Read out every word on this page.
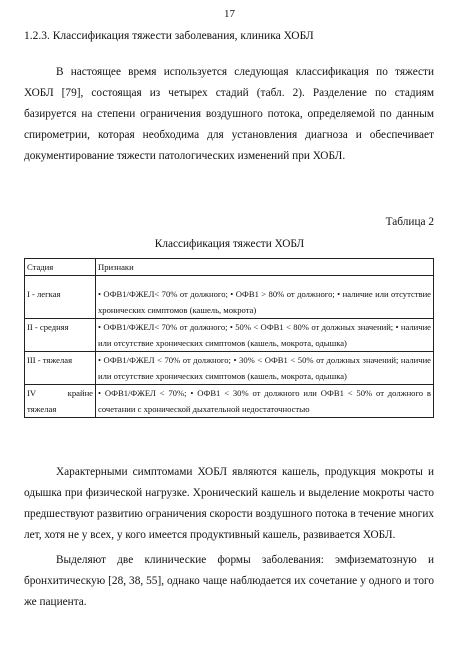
17
1.2.3. Классификация тяжести заболевания, клиника ХОБЛ

В настоящее время используется следующая классификация по тяжести ХОБЛ [79], состоящая из четырех стадий (табл. 2). Разделение по стадиям базируется на степени ограничения воздушного потока, определяемой по данным спирометрии, которая необходима для установления диагноза и обеспечивает документирование тяжести патологических изменений при ХОБЛ.

Таблица 2
Классификация тяжести ХОБЛ
Стадия	Признаки
I - легкая	• ОФВ1/ФЖЕЛ< 70% от должного; • ОФВ1 > 80% от должного; • наличие или отсутствие хронических симптомов (кашель, мокрота)
II - средняя	• ОФВ1/ФЖЕЛ< 70% от должного; • 50% < ОФВ1 < 80% от должных значений; • наличие или отсутствие хронических симптомов (кашель, мокрота, одышка)
III - тяжелая	• ОФВ1/ФЖЕЛ < 70% от должного; • 30% < ОФВ1 < 50% от должных значений; наличие или отсутствие хронических симптомов (кашель, мокрота, одышка)
IV крайне тяжелая	• ОФВ1/ФЖЕЛ < 70%; • ОФВ1 < 30% от должного или ОФВ1 < 50% от должного в сочетании с хронической дыхательной недостаточностью

Характерными симптомами ХОБЛ являются кашель, продукция мокроты и одышка при физической нагрузке. Хронический кашель и выделение мокроты часто предшествуют развитию ограничения скорости воздушного потока в течение многих лет, хотя не у всех, у кого имеется продуктивный кашель, развивается ХОБЛ.

Выделяют две клинические формы заболевания: эмфизематозную и бронхитическую [28, 38, 55], однако чаще наблюдается их сочетание у одного и того же пациента.
